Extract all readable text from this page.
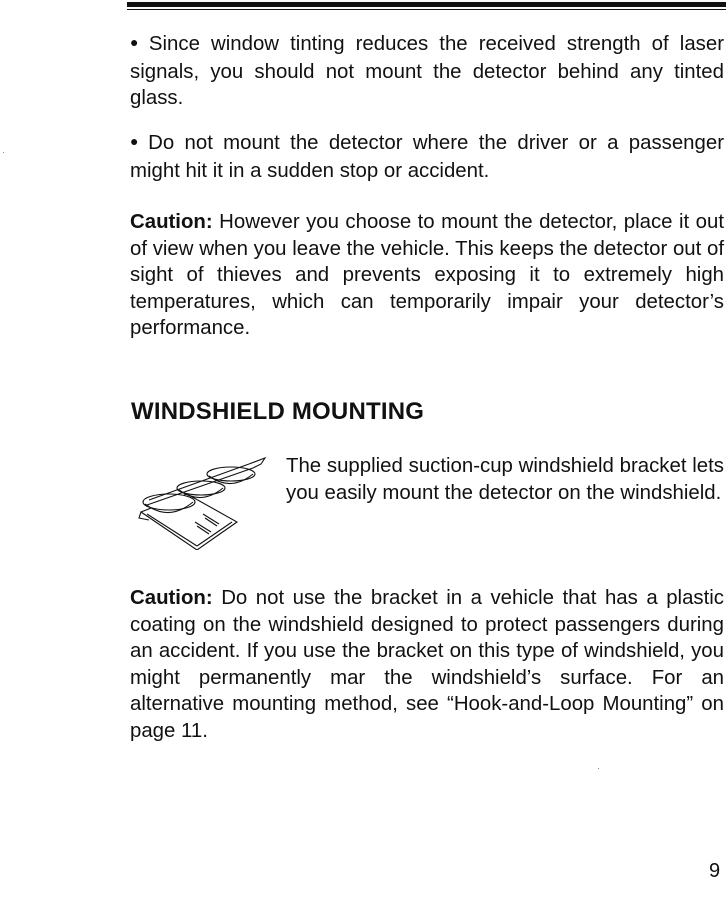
● Since window tinting reduces the received strength of laser signals, you should not mount the detector behind any tinted glass.

● Do not mount the detector where the driver or a passenger might hit it in a sudden stop or accident.

Caution: However you choose to mount the detector, place it out of view when you leave the vehicle. This keeps the detector out of sight of thieves and prevents exposing it to extremely high temperatures, which can temporarily impair your detector’s performance.

WINDSHIELD MOUNTING

The supplied suction-cup windshield bracket lets you easily mount the detector on the windshield.

Caution: Do not use the bracket in a vehicle that has a plastic coating on the windshield designed to protect passengers during an accident. If you use the bracket on this type of windshield, you might permanently mar the windshield’s surface. For an alternative mounting method, see “Hook-and-Loop Mounting” on page 11.

9
